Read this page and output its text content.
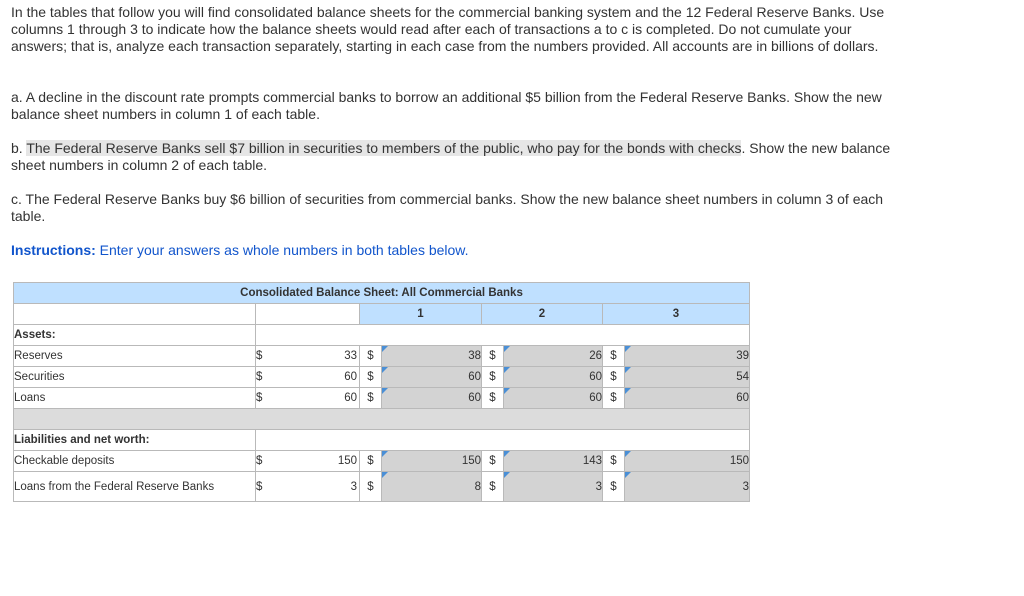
In the tables that follow you will find consolidated balance sheets for the commercial banking system and the 12 Federal Reserve Banks. Use columns 1 through 3 to indicate how the balance sheets would read after each of transactions a to c is completed. Do not cumulate your answers; that is, analyze each transaction separately, starting in each case from the numbers provided. All accounts are in billions of dollars.

a. A decline in the discount rate prompts commercial banks to borrow an additional $5 billion from the Federal Reserve Banks. Show the new balance sheet numbers in column 1 of each table.

b. The Federal Reserve Banks sell $7 billion in securities to members of the public, who pay for the bonds with checks. Show the new balance sheet numbers in column 2 of each table.

c. The Federal Reserve Banks buy $6 billion of securities from commercial banks. Show the new balance sheet numbers in column 3 of each table.

Instructions: Enter your answers as whole numbers in both tables below.

Consolidated Balance Sheet: All Commercial Banks							
		1		2		3	
Assets:							
Reserves	$ 33	$	38	$	26	$	39
Securities	$ 60	$	60	$	60	$	54
Loans	$ 60	$	60	$	60	$	60

Liabilities and net worth:							
Checkable deposits	$ 150	$	150	$	143	$	150
Loans from the Federal Reserve Banks	$ 3	$	8	$	3	$	3
